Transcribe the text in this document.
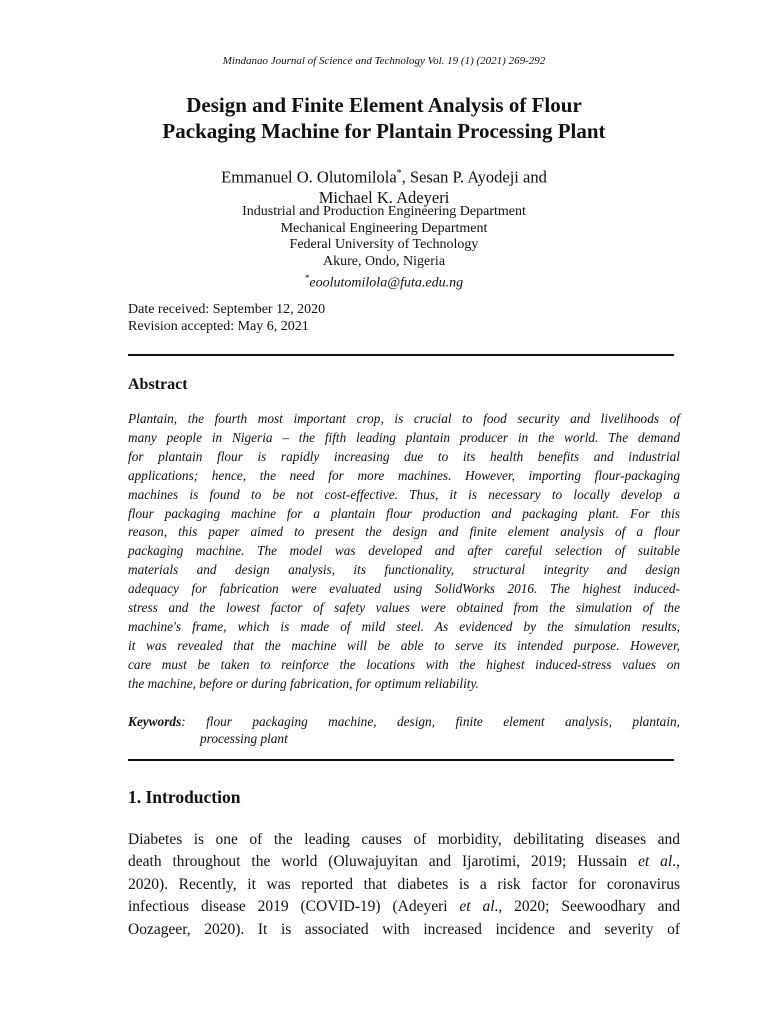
Mindanao Journal of Science and Technology Vol. 19 (1) (2021) 269-292
Design and Finite Element Analysis of Flour
Packaging Machine for Plantain Processing Plant
Emmanuel O. Olutomilola*, Sesan P. Ayodeji and
Michael K. Adeyeri
Industrial and Production Engineering Department
Mechanical Engineering Department
Federal University of Technology
Akure, Ondo, Nigeria
*eoolutomilola@futa.edu.ng
Date received: September 12, 2020
Revision accepted: May 6, 2021
Abstract
Plantain, the fourth most important crop, is crucial to food security and livelihoods of
many people in Nigeria – the fifth leading plantain producer in the world. The demand
for plantain flour is rapidly increasing due to its health benefits and industrial
applications; hence, the need for more machines. However, importing flour-packaging
machines is found to be not cost-effective. Thus, it is necessary to locally develop a
flour packaging machine for a plantain flour production and packaging plant. For this
reason, this paper aimed to present the design and finite element analysis of a flour
packaging machine. The model was developed and after careful selection of suitable
materials and design analysis, its functionality, structural integrity and design
adequacy for fabrication were evaluated using SolidWorks 2016. The highest induced-
stress and the lowest factor of safety values were obtained from the simulation of the
machine's frame, which is made of mild steel. As evidenced by the simulation results,
it was revealed that the machine will be able to serve its intended purpose. However,
care must be taken to reinforce the locations with the highest induced-stress values on
the machine, before or during fabrication, for optimum reliability.
Keywords: flour packaging machine, design, finite element analysis, plantain,
processing plant
1. Introduction
Diabetes is one of the leading causes of morbidity, debilitating diseases and
death throughout the world (Oluwajuyitan and Ijarotimi, 2019; Hussain et al.,
2020). Recently, it was reported that diabetes is a risk factor for coronavirus
infectious disease 2019 (COVID-19) (Adeyeri et al., 2020; Seewoodhary and
Oozageer, 2020). It is associated with increased incidence and severity of
